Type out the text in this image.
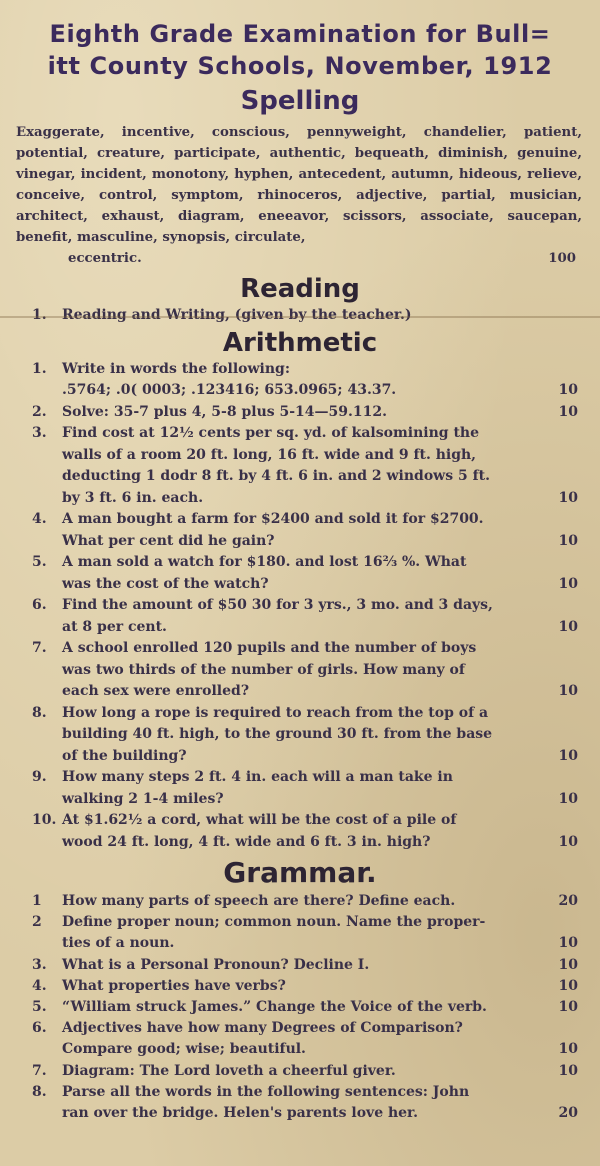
Eighth Grade Examination for Bull=
itt County Schools, November, 1912
Spelling
Exaggerate, incentive, conscious, pennyweight, chandelier, patient, potential, creature, participate, authentic, bequeath, diminish, genuine, vinegar, incident, monotony, hyphen, antecedent, autumn, hideous, relieve, conceive, control, symptom, rhinoceros, adjective, partial, musician, architect, exhaust, diagram, eneeavor, scissors, associate, saucepan, benefit, masculine, synopsis, circulate,
eccentric.	100
Reading
1.	Reading and Writing, (given by the teacher.)
Arithmetic
1.	Write in words the following:
.5764; .0( 0003; .123416; 653.0965; 43.37.	10
2.	Solve: 35-7 plus 4, 5-8 plus 5-14—59.112.	10
3.	Find cost at 12½ cents per sq. yd. of kalsomining the
walls of a room 20 ft. long, 16 ft. wide and 9 ft. high,
deducting 1 dodr 8 ft. by 4 ft. 6 in. and 2 windows 5 ft.
by 3 ft. 6 in. each.	10
4.	A man bought a farm for $2400 and sold it for $2700.
What per cent did he gain?	10
5.	A man sold a watch for $180. and lost 16⅔ %. What
was the cost of the watch?	10
6.	Find the amount of $50 30 for 3 yrs., 3 mo. and 3 days,
at 8 per cent.	10
7.	A school enrolled 120 pupils and the number of boys
was two thirds of the number of girls. How many of
each sex were enrolled?	10
8.	How long a rope is required to reach from the top of a
building 40 ft. high, to the ground 30 ft. from the base
of the building?	10
9.	How many steps 2 ft. 4 in. each will a man take in
walking 2 1-4 miles?	10
10. At $1.62½ a cord, what will be the cost of a pile of
wood 24 ft. long, 4 ft. wide and 6 ft. 3 in. high?	10
Grammar.
1	How many parts of speech are there? Define each.	20
2	Define proper noun; common noun. Name the proper-
ties of a noun.	10
3.	What is a Personal Pronoun? Decline I.	10
4.	What properties have verbs?	10
5.	“William struck James.” Change the Voice of the verb.	10
6.	Adjectives have how many Degrees of Comparison?
Compare good; wise; beautiful.	10
7.	Diagram: The Lord loveth a cheerful giver.	10
8.	Parse all the words in the following sentences: John
ran over the bridge. Helen's parents love her.	20
